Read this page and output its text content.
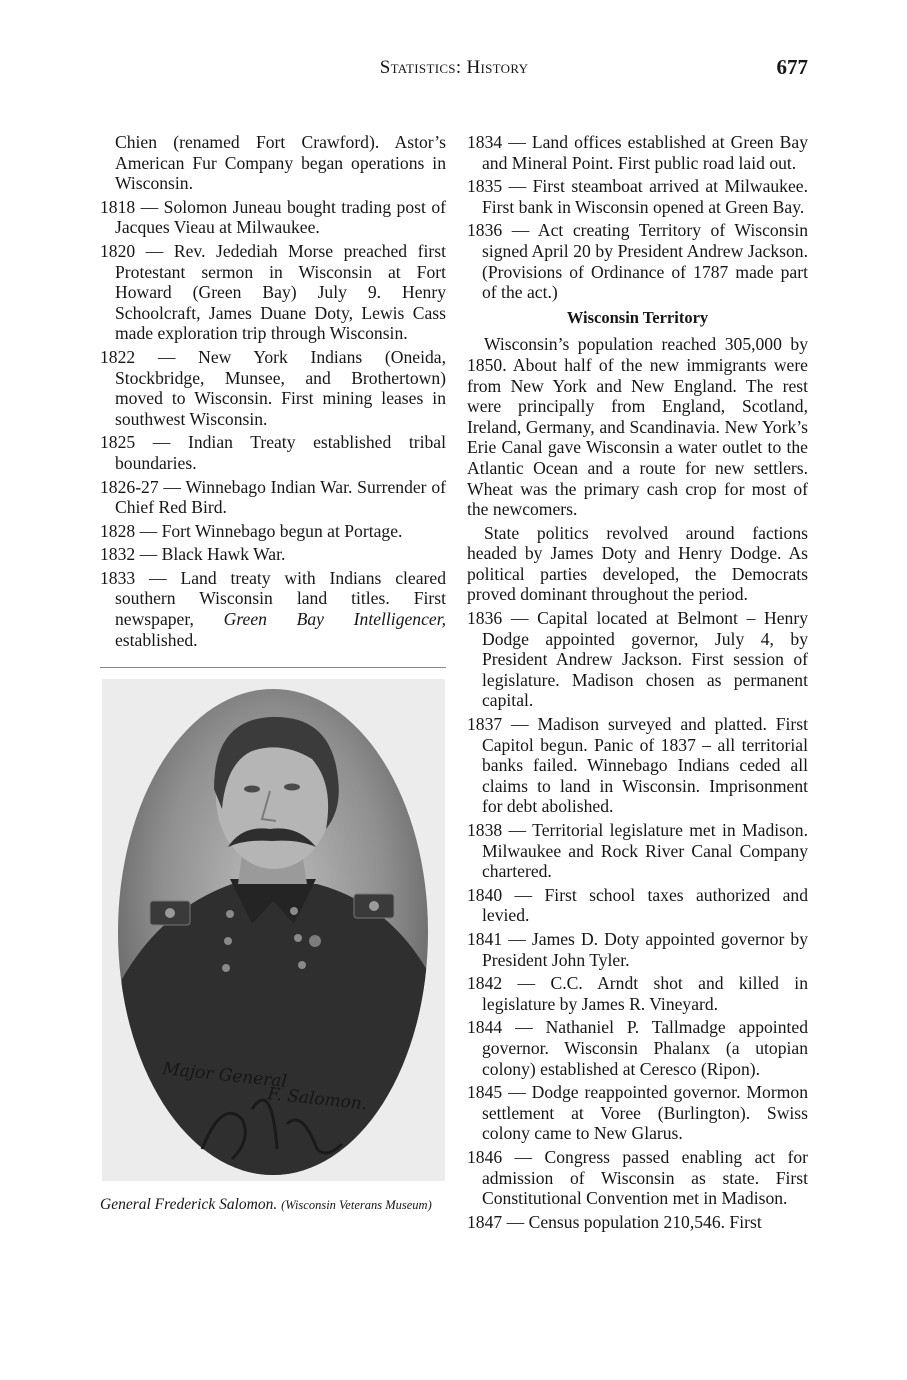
Statistics: History	677

Chien (renamed Fort Crawford). Astor’s American Fur Company began operations in Wisconsin.

1818 — Solomon Juneau bought trading post of Jacques Vieau at Milwaukee.

1820 — Rev. Jedediah Morse preached first Protestant sermon in Wisconsin at Fort Howard (Green Bay) July 9. Henry Schoolcraft, James Duane Doty, Lewis Cass made exploration trip through Wisconsin.

1822 — New York Indians (Oneida, Stockbridge, Munsee, and Brothertown) moved to Wisconsin. First mining leases in southwest Wisconsin.

1825 — Indian Treaty established tribal boundaries.

1826-27 — Winnebago Indian War. Surrender of Chief Red Bird.

1828 — Fort Winnebago begun at Portage.

1832 — Black Hawk War.

1833 — Land treaty with Indians cleared southern Wisconsin land titles. First newspaper, Green Bay Intelligencer, established.

Major General
F. Salomon.
General Frederick Salomon. (Wisconsin Veterans Museum)

1834 — Land offices established at Green Bay and Mineral Point. First public road laid out.

1835 — First steamboat arrived at Milwaukee. First bank in Wisconsin opened at Green Bay.

1836 — Act creating Territory of Wisconsin signed April 20 by President Andrew Jackson. (Provisions of Ordinance of 1787 made part of the act.)

Wisconsin Territory

Wisconsin’s population reached 305,000 by 1850. About half of the new immigrants were from New York and New England. The rest were principally from England, Scotland, Ireland, Germany, and Scandinavia. New York’s Erie Canal gave Wisconsin a water outlet to the Atlantic Ocean and a route for new settlers. Wheat was the primary cash crop for most of the newcomers.

State politics revolved around factions headed by James Doty and Henry Dodge. As political parties developed, the Democrats proved dominant throughout the period.

1836 — Capital located at Belmont – Henry Dodge appointed governor, July 4, by President Andrew Jackson. First session of legislature. Madison chosen as permanent capital.

1837 — Madison surveyed and platted. First Capitol begun. Panic of 1837 – all territorial banks failed. Winnebago Indians ceded all claims to land in Wisconsin. Imprisonment for debt abolished.

1838 — Territorial legislature met in Madison. Milwaukee and Rock River Canal Company chartered.

1840 — First school taxes authorized and levied.

1841 — James D. Doty appointed governor by President John Tyler.

1842 — C.C. Arndt shot and killed in legislature by James R. Vineyard.

1844 — Nathaniel P. Tallmadge appointed governor. Wisconsin Phalanx (a utopian colony) established at Ceresco (Ripon).

1845 — Dodge reappointed governor. Mormon settlement at Voree (Burlington). Swiss colony came to New Glarus.

1846 — Congress passed enabling act for admission of Wisconsin as state. First Constitutional Convention met in Madison.

1847 — Census population 210,546. First
